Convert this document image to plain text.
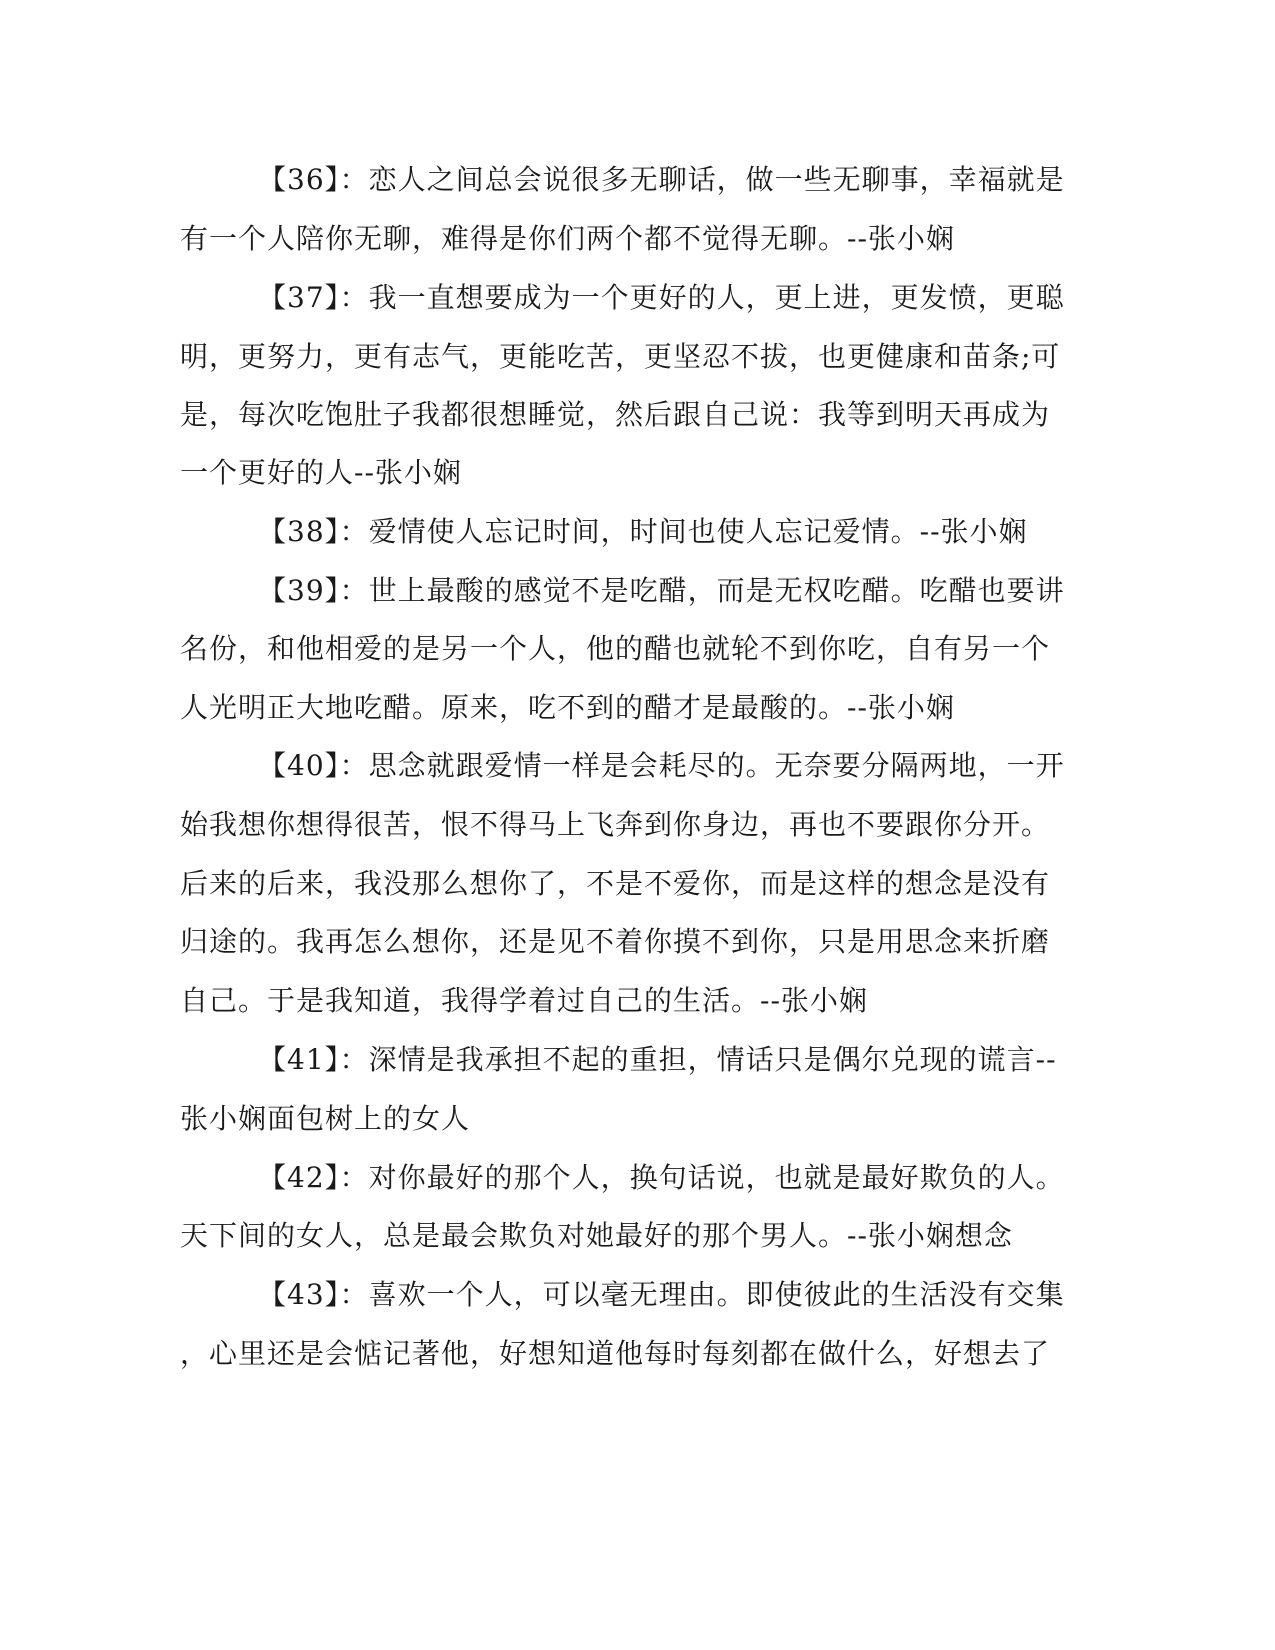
【36】：恋人之间总会说很多无聊话，做一些无聊事，幸福就是
有一个人陪你无聊，难得是你们两个都不觉得无聊。--张小娴
【37】：我一直想要成为一个更好的人，更上进，更发愤，更聪
明，更努力，更有志气，更能吃苦，更坚忍不拔，也更健康和苗条;可
是，每次吃饱肚子我都很想睡觉，然后跟自己说：我等到明天再成为
一个更好的人--张小娴
【38】：爱情使人忘记时间，时间也使人忘记爱情。--张小娴
【39】：世上最酸的感觉不是吃醋，而是无权吃醋。吃醋也要讲
名份，和他相爱的是另一个人，他的醋也就轮不到你吃，自有另一个
人光明正大地吃醋。原来，吃不到的醋才是最酸的。--张小娴
【40】：思念就跟爱情一样是会耗尽的。无奈要分隔两地，一开
始我想你想得很苦，恨不得马上飞奔到你身边，再也不要跟你分开。
后来的后来，我没那么想你了，不是不爱你，而是这样的想念是没有
归途的。我再怎么想你，还是见不着你摸不到你，只是用思念来折磨
自己。于是我知道，我得学着过自己的生活。--张小娴
【41】：深情是我承担不起的重担，情话只是偶尔兑现的谎言--
张小娴面包树上的女人
【42】：对你最好的那个人，换句话说，也就是最好欺负的人。
天下间的女人，总是最会欺负对她最好的那个男人。--张小娴想念
【43】：喜欢一个人，可以毫无理由。即使彼此的生活没有交集
，心里还是会惦记著他，好想知道他每时每刻都在做什么，好想去了
